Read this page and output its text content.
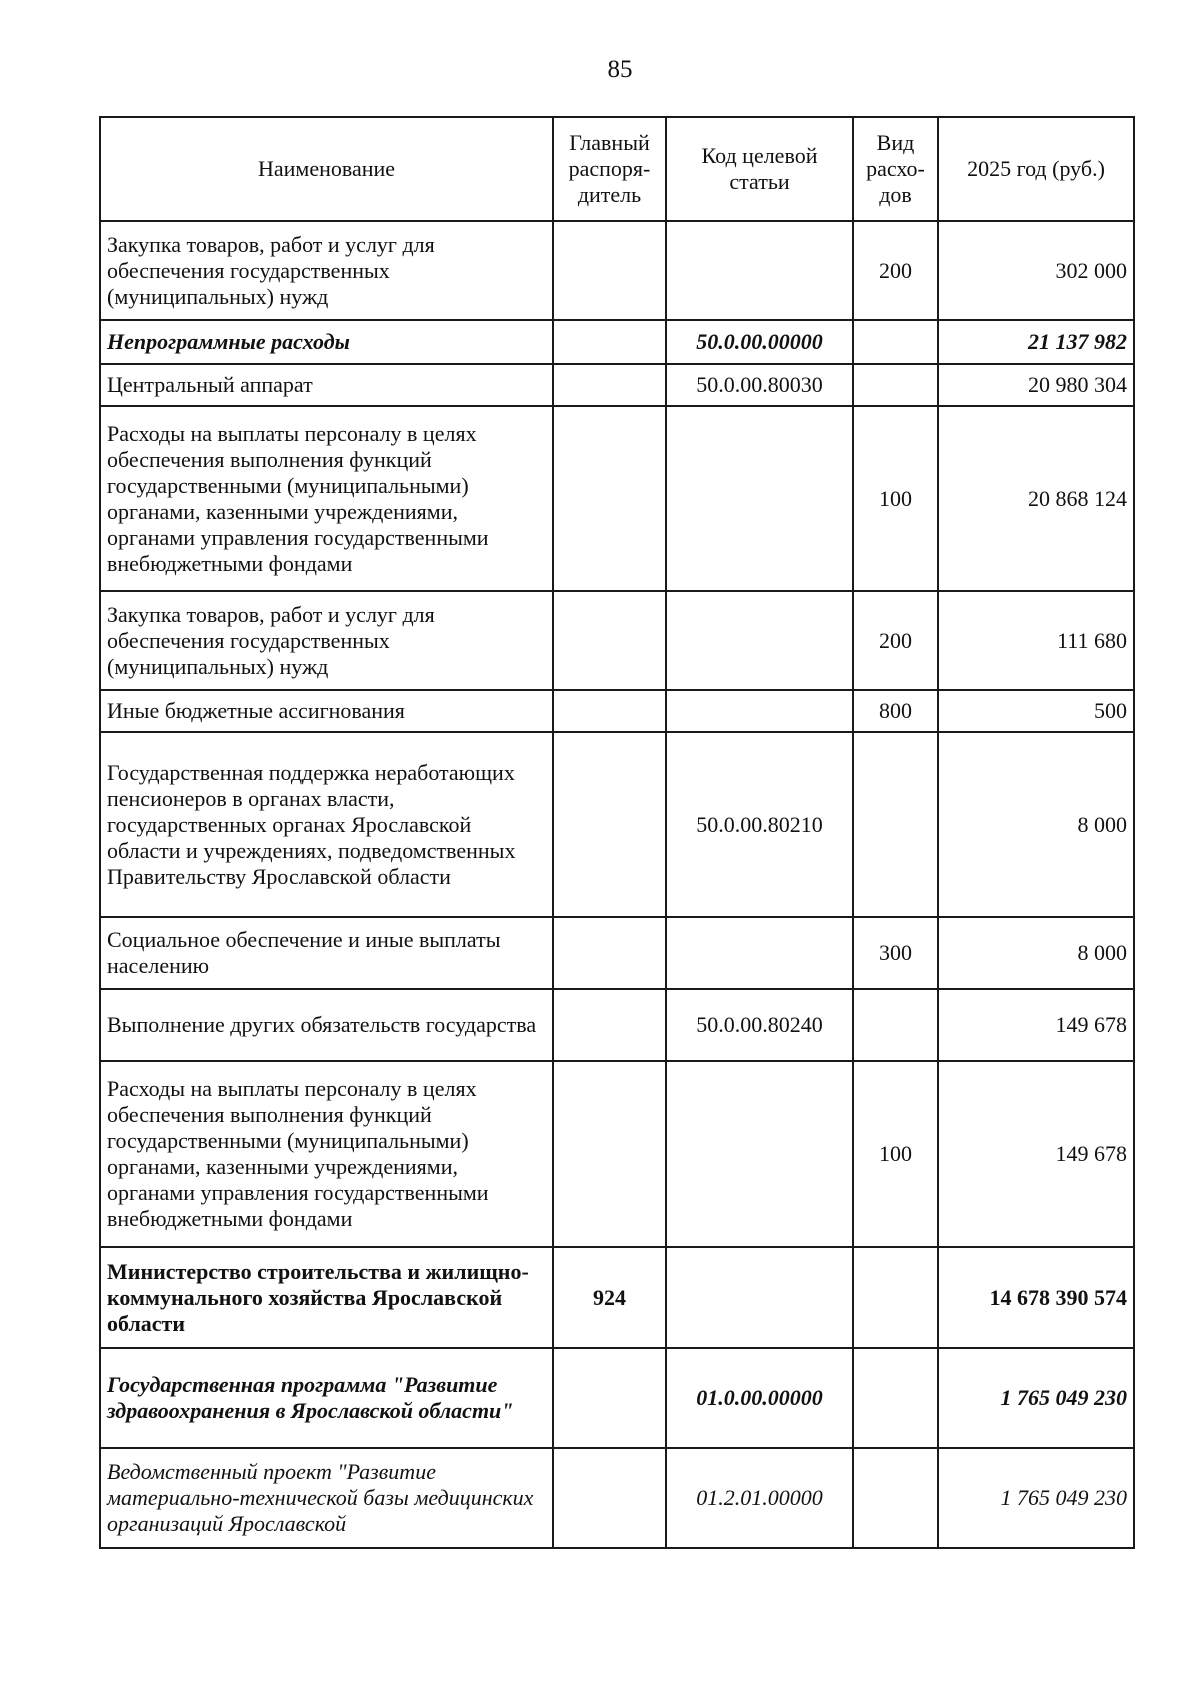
85
Наименование	Главный распоря-дитель	Код целевой статьи	Вид расхо-дов	2025 год (руб.)
Закупка товаров, работ и услуг для обеспечения государственных (муниципальных) нужд			200	302 000
Непрограммные расходы		50.0.00.00000		21 137 982
Центральный аппарат		50.0.00.80030		20 980 304
Расходы на выплаты персоналу в целях обеспечения выполнения функций государственными (муниципальными) органами, казенными учреждениями, органами управления государственными внебюджетными фондами			100	20 868 124
Закупка товаров, работ и услуг для обеспечения государственных (муниципальных) нужд			200	111 680
Иные бюджетные ассигнования			800	500
Государственная поддержка неработающих пенсионеров в органах власти, государственных органах Ярославской области и учреждениях, подведомственных Правительству Ярославской области		50.0.00.80210		8 000
Социальное обеспечение и иные выплаты населению			300	8 000
Выполнение других обязательств государства		50.0.00.80240		149 678
Расходы на выплаты персоналу в целях обеспечения выполнения функций государственными (муниципальными) органами, казенными учреждениями, органами управления государственными внебюджетными фондами			100	149 678
Министерство строительства и жилищно-коммунального хозяйства Ярославской области	924			14 678 390 574
Государственная программа "Развитие здравоохранения в Ярославской области"		01.0.00.00000		1 765 049 230
Ведомственный проект "Развитие материально-технической базы медицинских организаций Ярославской		01.2.01.00000		1 765 049 230
